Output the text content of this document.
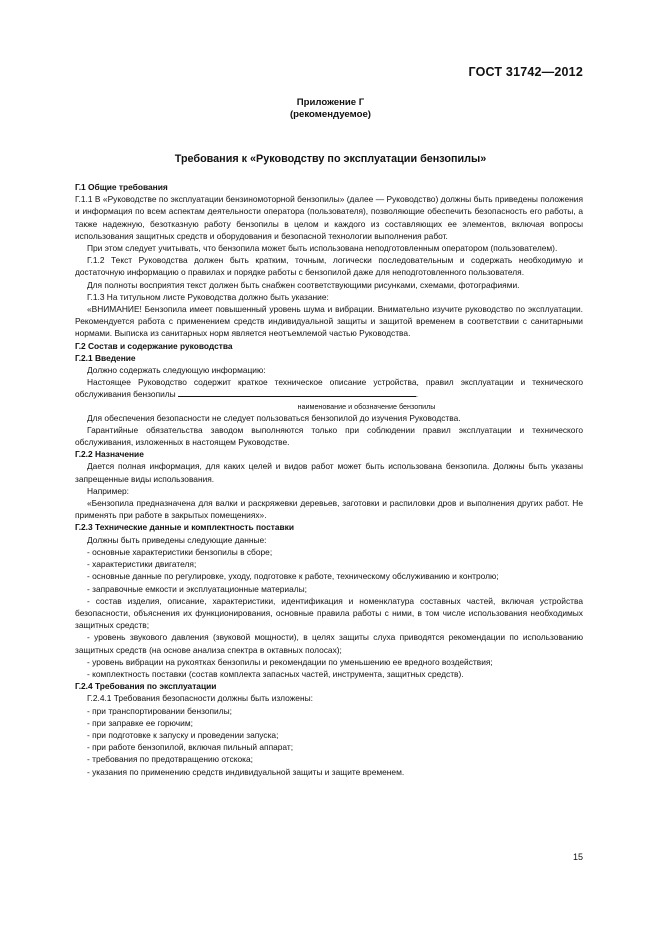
ГОСТ 31742—2012
Приложение Г
(рекомендуемое)
Требования к «Руководству по эксплуатации бензопилы»

Г.1 Общие требования

Г.1.1 В «Руководстве по эксплуатации бензиномоторной бензопилы» (далее — Руководство) должны быть приведены положения и информация по всем аспектам деятельности оператора (пользователя), позволяющие обеспечить безопасность его работы, а также надежную, безотказную работу бензопилы в целом и каждого из составляющих ее элементов, включая вопросы использования защитных средств и оборудования и безопасной технологии выполнения работ.

При этом следует учитывать, что бензопила может быть использована неподготовленным оператором (пользователем).

Г.1.2 Текст Руководства должен быть кратким, точным, логически последовательным и содержать необходимую и достаточную информацию о правилах и порядке работы с бензопилой даже для неподготовленного пользователя.

Для полноты восприятия текст должен быть снабжен соответствующими рисунками, схемами, фотографиями.

Г.1.3 На титульном листе Руководства должно быть указание:

«ВНИМАНИЕ! Бензопила имеет повышенный уровень шума и вибрации. Внимательно изучите руководство по эксплуатации. Рекомендуется работа с применением средств индивидуальной защиты и защитой временем в соответствии с санитарными нормами. Выписка из санитарных норм является неотъемлемой частью Руководства.

Г.2 Состав и содержание руководства

Г.2.1 Введение

Должно содержать следующую информацию:

Настоящее Руководство содержит краткое техническое описание устройства, правил эксплуатации и технического обслуживания бензопилы	.

наименование и обозначение бензопилы

Для обеспечения безопасности не следует пользоваться бензопилой до изучения Руководства.

Гарантийные обязательства заводом выполняются только при соблюдении правил эксплуатации и технического обслуживания, изложенных в настоящем Руководстве.

Г.2.2 Назначение

Дается полная информация, для каких целей и видов работ может быть использована бензопила. Должны быть указаны запрещенные виды использования.

Например:

«Бензопила предназначена для валки и раскряжевки деревьев, заготовки и распиловки дров и выполнения других работ. Не применять при работе в закрытых помещениях».

Г.2.3 Технические данные и комплектность поставки

Должны быть приведены следующие данные:

- основные характеристики бензопилы в сборе;

- характеристики двигателя;

- основные данные по регулировке, уходу, подготовке к работе, техническому обслуживанию и контролю;

- заправочные емкости и эксплуатационные материалы;

- состав изделия, описание, характеристики, идентификация и номенклатура составных частей, включая устройства безопасности, объяснения их функционирования, основные правила работы с ними, в том числе использования необходимых защитных средств;

- уровень звукового давления (звуковой мощности), в целях защиты слуха приводятся рекомендации по использованию защитных средств (на основе анализа спектра в октавных полосах);

- уровень вибрации на рукоятках бензопилы и рекомендации по уменьшению ее вредного воздействия;

- комплектность поставки (состав комплекта запасных частей, инструмента, защитных средств).

Г.2.4 Требования по эксплуатации

Г.2.4.1 Требования безопасности должны быть изложены:

- при транспортировании бензопилы;

- при заправке ее горючим;

- при подготовке к запуску и проведении запуска;

- при работе бензопилой, включая пильный аппарат;

- требования по предотвращению отскока;

- указания по применению средств индивидуальной защиты и защите временем.

15
